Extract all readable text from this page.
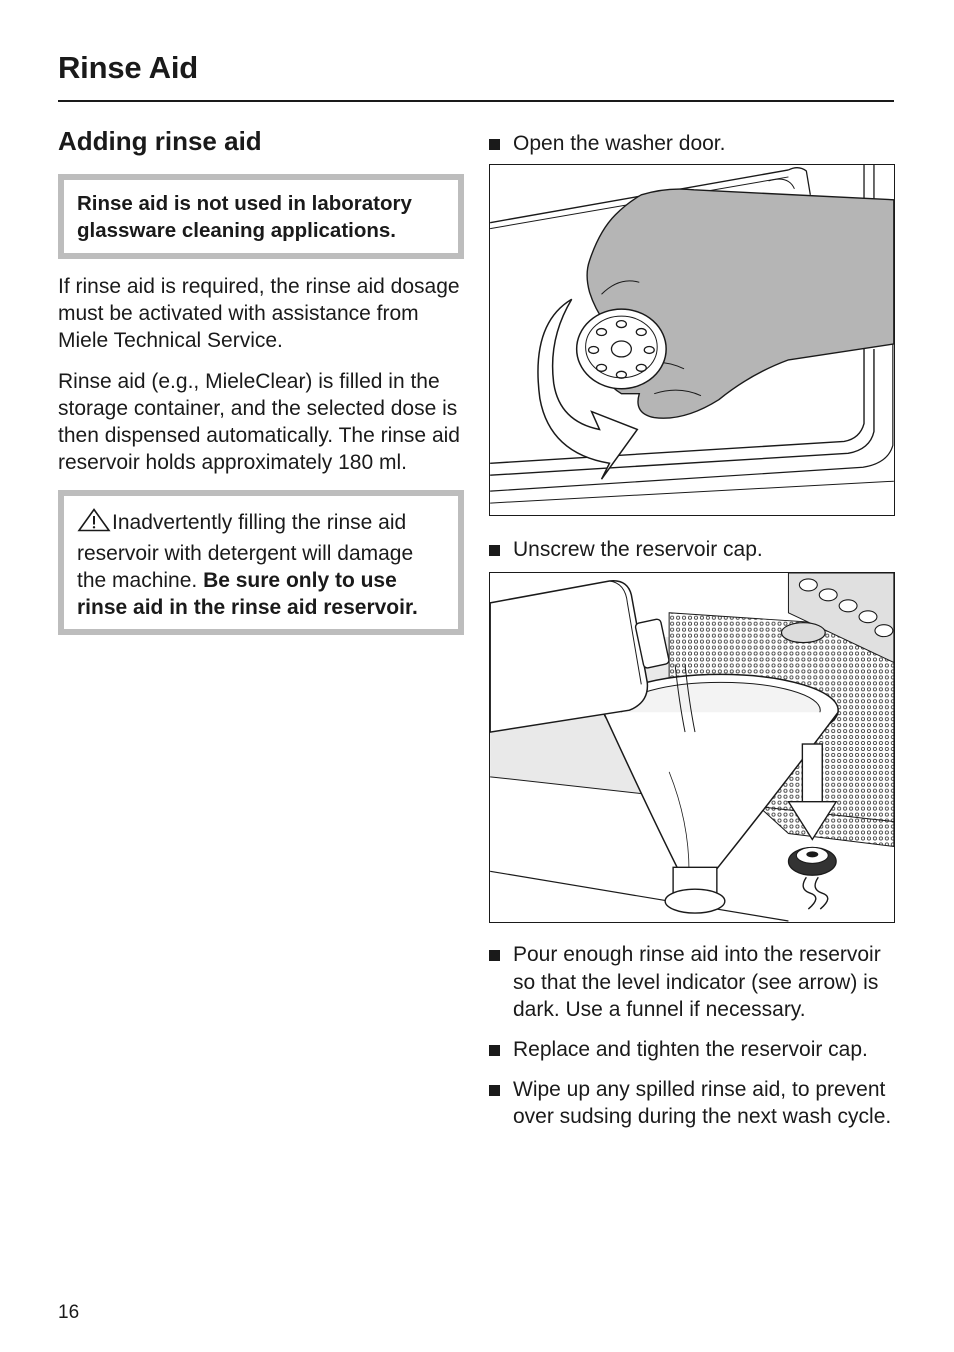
Rinse Aid
Adding rinse aid
Rinse aid is not used in laboratory glassware cleaning applications.

If rinse aid is required, the rinse aid dosage must be activated with assistance from Miele Technical Service.

Rinse aid (e.g., MieleClear) is filled in the storage container, and the selected dose is then dispensed automatically. The rinse aid reservoir holds approximately 180 ml.

Inadvertently filling the rinse aid reservoir with detergent will damage the machine. Be sure only to use rinse aid in the rinse aid reservoir.
Open the washer door.
Unscrew the reservoir cap.
Pour enough rinse aid into the reservoir so that the level indicator (see arrow) is dark. Use a funnel if necessary.
Replace and tighten the reservoir cap.
Wipe up any spilled rinse aid, to prevent over sudsing during the next wash cycle.
16
